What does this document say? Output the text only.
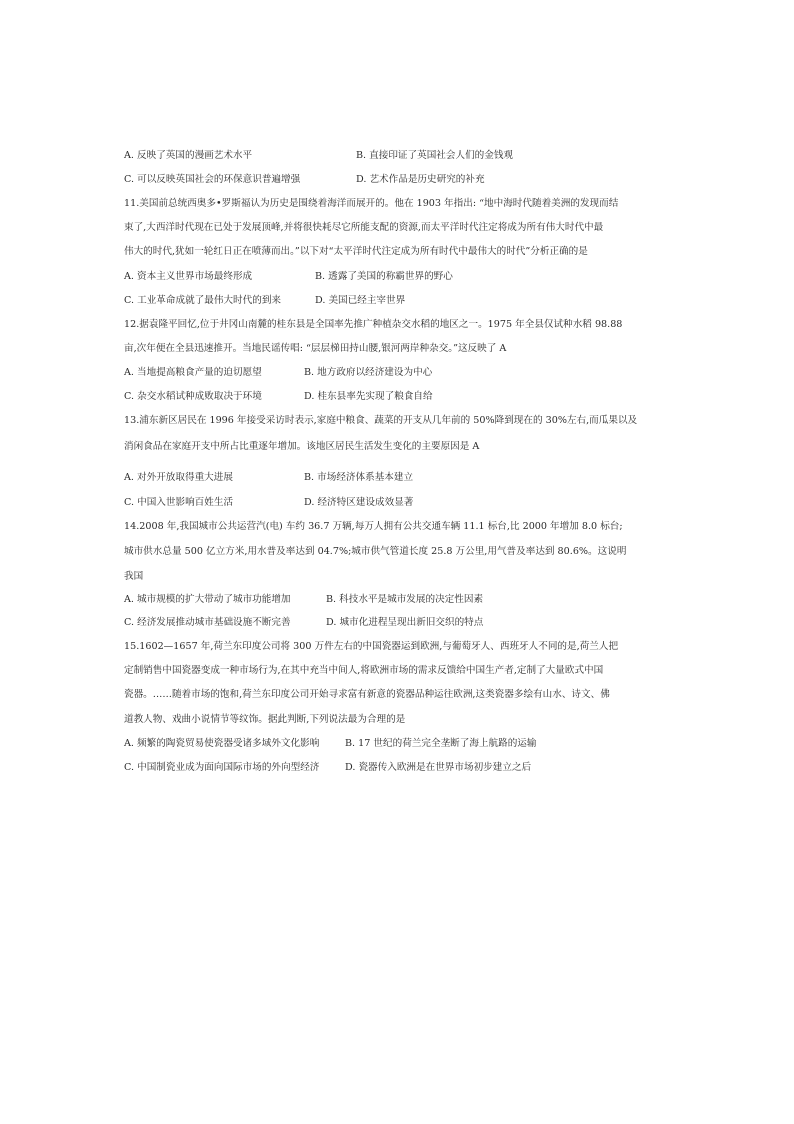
A. 反映了英国的漫画艺术水平	B. 直接印证了英国社会人们的金钱观
C. 可以反映英国社会的环保意识普遍增强	D. 艺术作品是历史研究的补充
11.美国前总统西奥多•罗斯福认为历史是围绕着海洋而展开的。他在 1903 年指出: “地中海时代随着美洲的发现而结
束了,大西洋时代现在已处于发展顶峰,并将很快耗尽它所能支配的资源,而太平洋时代注定将成为所有伟大时代中最
伟大的时代,犹如一轮红日正在喷薄而出。”以下对“太平洋时代注定成为所有时代中最伟大的时代”分析正确的是
A. 资本主义世界市场最终形成	B. 透露了美国的称霸世界的野心
C. 工业革命成就了最伟大时代的到来	D. 美国已经主宰世界
12.据袁隆平回忆,位于井冈山南麓的桂东县是全国率先推广种植杂交水稻的地区之一。1975 年全县仅试种水稻 98.88
亩,次年便在全县迅速推开。当地民谣传唱: “层层梯田持山腰,银河两岸种杂交。”这反映了 A
A. 当地提高粮食产量的迫切愿望	B. 地方政府以经济建设为中心
C. 杂交水稻试种成败取决于环境	D. 桂东县率先实现了粮食自给
13.浦东新区居民在 1996 年接受采访时表示,家庭中粮食、蔬菜的开支从几年前的 50%降到现在的 30%左右,而瓜果以及
消闲食品在家庭开支中所占比重逐年增加。该地区居民生活发生变化的主要原因是 A
A. 对外开放取得重大进展	B. 市场经济体系基本建立
C. 中国入世影响百姓生活	D. 经济特区建设成效显著
14.2008 年,我国城市公共运营汽(电) 车约 36.7 万辆,每万人拥有公共交通车辆 11.1 标台,比 2000 年增加 8.0 标台;
城市供水总量 500 亿立方米,用水普及率达到 04.7%;城市供气管道长度 25.8 万公里,用气普及率达到 80.6%。这说明
我国
A. 城市规模的扩大带动了城市功能增加	B. 科技水平是城市发展的决定性因素
C. 经济发展推动城市基础设施不断完善	D. 城市化进程呈现出新旧交织的特点
15.1602—1657 年,荷兰东印度公司将 300 万件左右的中国瓷器运到欧洲,与葡萄牙人、西班牙人不同的是,荷兰人把
定制销售中国瓷器变成一种市场行为,在其中充当中间人,将欧洲市场的需求反馈给中国生产者,定制了大量欧式中国
瓷器。……随着市场的饱和,荷兰东印度公司开始寻求富有新意的瓷器品种运往欧洲,这类瓷器多绘有山水、诗文、佛
道教人物、戏曲小说情节等纹饰。据此判断,下列说法最为合理的是
A. 频繁的陶瓷贸易使瓷器受诸多域外文化影响	B. 17 世纪的荷兰完全垄断了海上航路的运输
C. 中国制瓷业成为面向国际市场的外向型经济	D. 瓷器传入欧洲是在世界市场初步建立之后
